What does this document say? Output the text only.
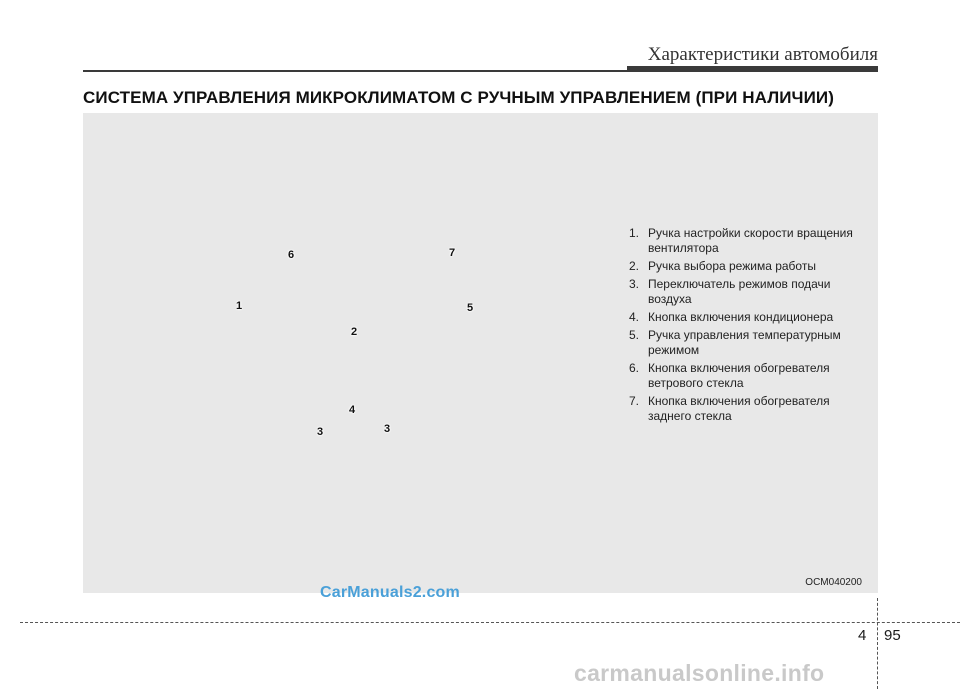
Характеристики автомобиля
СИСТЕМА УПРАВЛЕНИЯ МИКРОКЛИМАТОМ С РУЧНЫМ УПРАВЛЕНИЕМ (ПРИ НАЛИЧИИ)
6	7
1	5
2
4
3	3
1. Ручка настройки скорости вращения вентилятора
2. Ручка выбора режима работы
3. Переключатель режимов подачи воздуха
4. Кнопка включения кондиционера
5. Ручка управления температурным режимом
6. Кнопка включения обогревателя ветрового стекла
7. Кнопка включения обогревателя заднего стекла
OCM040200
CarManuals2.com
4 95
carmanualsonline.info
